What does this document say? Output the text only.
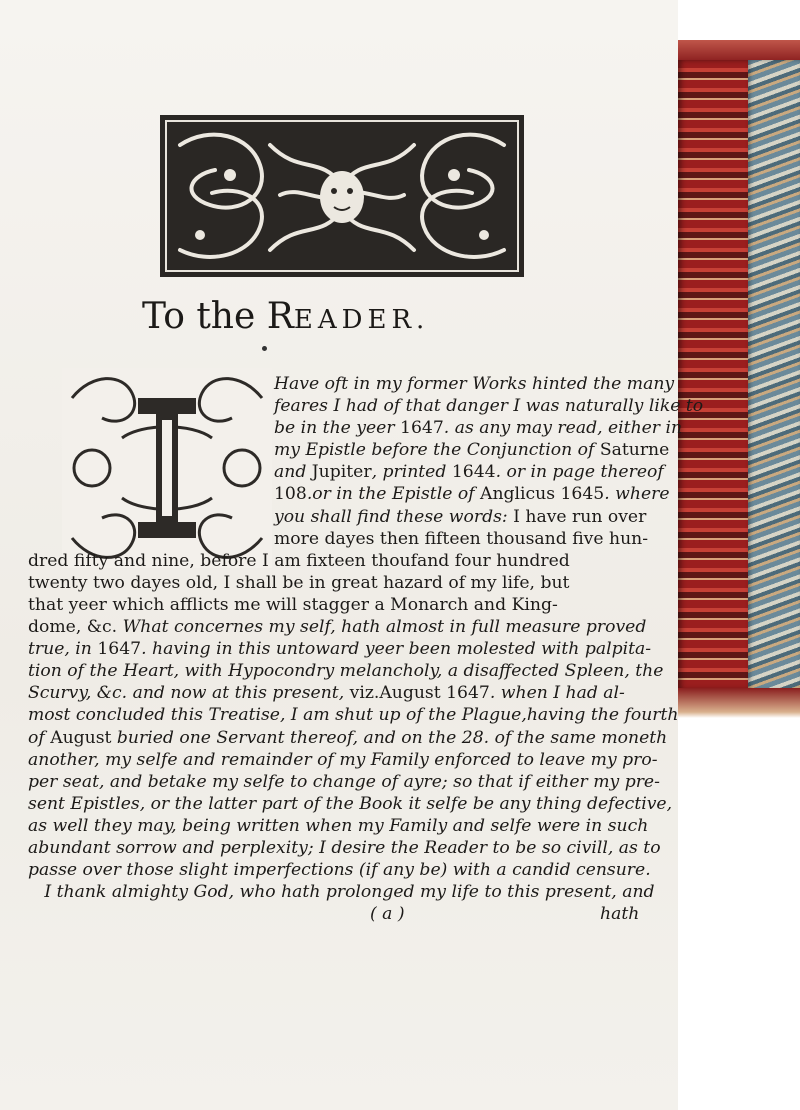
To the READER.
Have oft in my former Works hinted the many
feares I had of that danger I was naturally like to
be in the yeer 1647. as any may read, either in
my Epistle before the Conjunction of Saturne
and Jupiter, printed 1644. or in page thereof
108.or in the Epistle of Anglicus 1645. where
you shall find these words: I have run over
more dayes then fifteen thousand five hun-
dred fifty and nine, before I am fixteen thoufand four hundred
twenty two dayes old, I shall be in great hazard of my life, but
that yeer which afflicts me will stagger a Monarch and King-
dome, &c. What concernes my self, hath almost in full measure proved
true, in 1647. having in this untoward yeer been molested with palpita-
tion of the Heart, with Hypocondry melancholy, a disaffected Spleen, the
Scurvy, &c. and now at this present, viz.August 1647. when I had al-
most concluded this Treatise, I am shut up of the Plague,having the fourth
of August buried one Servant thereof, and on the 28. of the same moneth
another, my selfe and remainder of my Family enforced to leave my pro-
per seat, and betake my selfe to change of ayre; so that if either my pre-
sent Epistles, or the latter part of the Book it selfe be any thing defective,
as well they may, being written when my Family and selfe were in such
abundant sorrow and perplexity; I desire the Reader to be so civill, as to
passe over those slight imperfections (if any be) with a candid censure.
I thank almighty God, who hath prolonged my life to this present, and
( a )	hath
